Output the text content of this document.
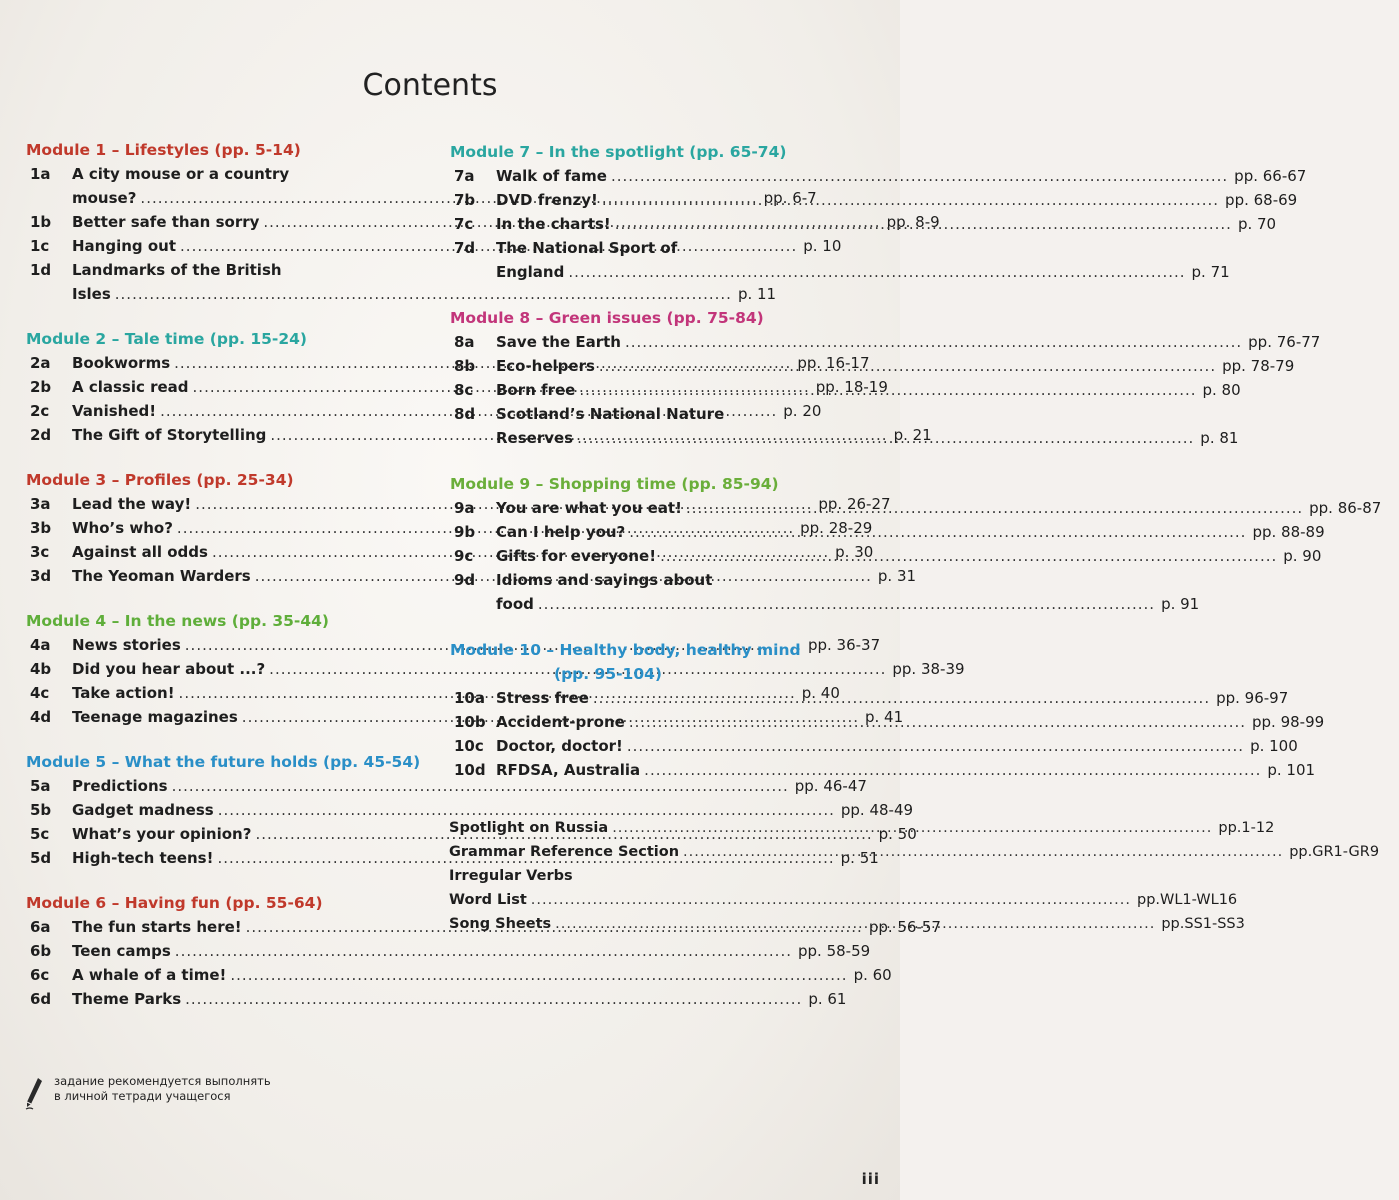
Contents
Module 1 – Lifestyles (pp. 5-14)
1a	A city mouse or a country
mouse? .....	pp. 6-7
1b	Better safe than sorry .....	pp. 8-9
1c	Hanging out .....	p. 10
1d	Landmarks of the British
Isles .....	p. 11
Module 2 – Tale time (pp. 15-24)
2a	Bookworms .....	pp. 16-17
2b	A classic read .....	pp. 18-19
2c	Vanished! .....	p. 20
2d	The Gift of Storytelling .....	p. 21
Module 3 – Profiles (pp. 25-34)
3a	Lead the way! .....	pp. 26-27
3b	Who’s who? .....	pp. 28-29
3c	Against all odds .....	p. 30
3d	The Yeoman Warders .....	p. 31
Module 4 – In the news (pp. 35-44)
4a	News stories .....	pp. 36-37
4b	Did you hear about ...? .....	pp. 38-39
4c	Take action! .....	p. 40
4d	Teenage magazines .....	p. 41
Module 5 – What the future holds (pp. 45-54)
5a	Predictions .....	pp. 46-47
5b	Gadget madness .....	pp. 48-49
5c	What’s your opinion? .....	p. 50
5d	High-tech teens! .....	p. 51
Module 6 – Having fun (pp. 55-64)
6a	The fun starts here! .....	pp. 56-57
6b	Teen camps .....	pp. 58-59
6c	A whale of a time! .....	p. 60
6d	Theme Parks .....	p. 61
Module 7 – In the spotlight (pp. 65-74)
7a	Walk of fame .....	pp. 66-67
7b	DVD frenzy! .....	pp. 68-69
7c	In the charts! .....	p. 70
7d	The National Sport of
England .....	p. 71
Module 8 – Green issues (pp. 75-84)
8a	Save the Earth .....	pp. 76-77
8b	Eco-helpers .....	pp. 78-79
8c	Born free .....	p. 80
8d	Scotland’s National Nature
Reserves .....	p. 81
Module 9 – Shopping time (pp. 85-94)
9a	You are what you eat! .....	pp. 86-87
9b	Can I help you? .....	pp. 88-89
9c	Gifts for everyone! .....	p. 90
9d	Idioms and sayings about
food .....	p. 91
Module 10 – Healthy body, healthy mind
(pp. 95-104)
10a Stress free .....	pp. 96-97
10b Accident-prone .....	pp. 98-99
10c Doctor, doctor! .....	p. 100
10d RFDSA, Australia .....	p. 101
Spotlight on Russia .....	pp.1-12
Grammar Reference Section .....	pp.GR1-GR9
Irregular Verbs
Word List .....	pp.WL1-WL16
Song Sheets .....	pp.SS1-SS3
задание рекомендуется выполнять
в личной тетради учащегося
iii
